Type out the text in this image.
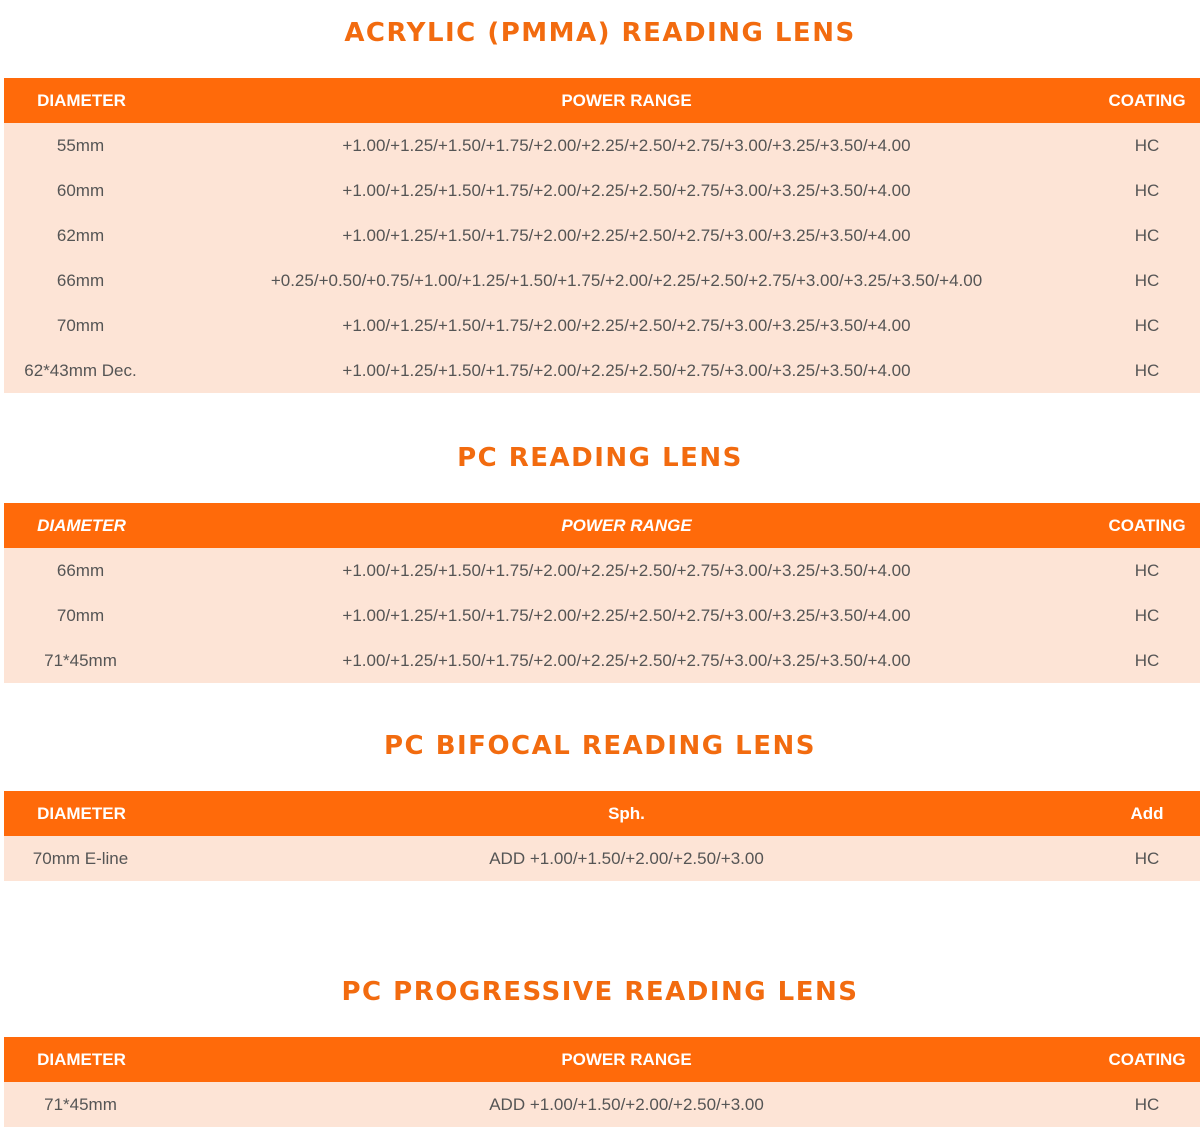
ACRYLIC (PMMA) READING LENS
DIAMETER	POWER RANGE	COATING
55mm	+1.00/+1.25/+1.50/+1.75/+2.00/+2.25/+2.50/+2.75/+3.00/+3.25/+3.50/+4.00	HC
60mm	+1.00/+1.25/+1.50/+1.75/+2.00/+2.25/+2.50/+2.75/+3.00/+3.25/+3.50/+4.00	HC
62mm	+1.00/+1.25/+1.50/+1.75/+2.00/+2.25/+2.50/+2.75/+3.00/+3.25/+3.50/+4.00	HC
66mm	+0.25/+0.50/+0.75/+1.00/+1.25/+1.50/+1.75/+2.00/+2.25/+2.50/+2.75/+3.00/+3.25/+3.50/+4.00	HC
70mm	+1.00/+1.25/+1.50/+1.75/+2.00/+2.25/+2.50/+2.75/+3.00/+3.25/+3.50/+4.00	HC
62*43mm Dec.	+1.00/+1.25/+1.50/+1.75/+2.00/+2.25/+2.50/+2.75/+3.00/+3.25/+3.50/+4.00	HC
PC READING LENS
DIAMETER	POWER RANGE	COATING
66mm	+1.00/+1.25/+1.50/+1.75/+2.00/+2.25/+2.50/+2.75/+3.00/+3.25/+3.50/+4.00	HC
70mm	+1.00/+1.25/+1.50/+1.75/+2.00/+2.25/+2.50/+2.75/+3.00/+3.25/+3.50/+4.00	HC
71*45mm	+1.00/+1.25/+1.50/+1.75/+2.00/+2.25/+2.50/+2.75/+3.00/+3.25/+3.50/+4.00	HC
PC BIFOCAL READING LENS
DIAMETER	Sph.	Add
70mm E-line	ADD +1.00/+1.50/+2.00/+2.50/+3.00	HC
PC PROGRESSIVE READING LENS
DIAMETER	POWER RANGE	COATING
71*45mm	ADD +1.00/+1.50/+2.00/+2.50/+3.00	HC
